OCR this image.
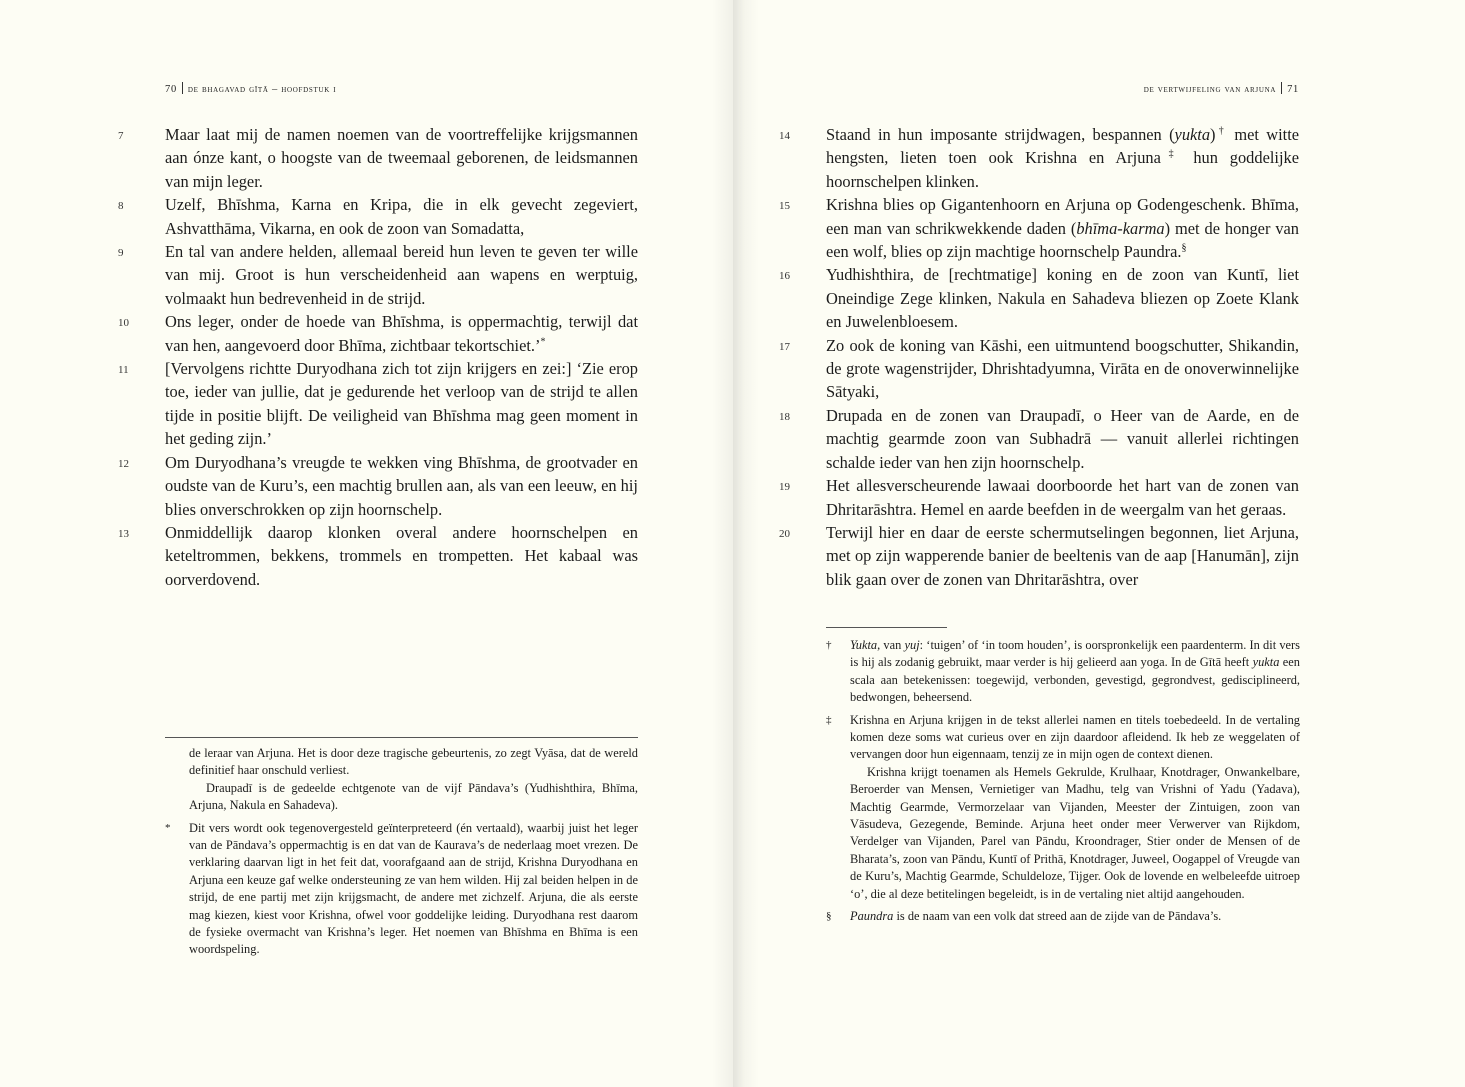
70 de bhagavad gītā – hoofdstuk i

7	Maar laat mij de namen noemen van de voortreffelijke krijgsmannen aan ónze kant, o hoogste van de tweemaal geborenen, de leidsmannen van mijn leger.

8	Uzelf, Bhīshma, Karna en Kripa, die in elk gevecht zegeviert, Ashvatthāma, Vikarna, en ook de zoon van Somadatta,

9	En tal van andere helden, allemaal bereid hun leven te geven ter wille van mij. Groot is hun verscheidenheid aan wapens en werptuig, volmaakt hun bedrevenheid in de strijd.

10 Ons leger, onder de hoede van Bhīshma, is oppermachtig, terwijl dat van hen, aangevoerd door Bhīma, zichtbaar tekortschiet.’*

11 [Vervolgens richtte Duryodhana zich tot zijn krijgers en zei:] ‘Zie erop toe, ieder van jullie, dat je gedurende het verloop van de strijd te allen tijde in positie blijft. De veiligheid van Bhīshma mag geen moment in het geding zijn.’

12 Om Duryodhana’s vreugde te wekken ving Bhīshma, de grootvader en oudste van de Kuru’s, een machtig brullen aan, als van een leeuw, en hij blies onverschrokken op zijn hoornschelp.

13 Onmiddellijk daarop klonken overal andere hoornschelpen en keteltrommen, bekkens, trommels en trompetten. Het kabaal was oorverdovend.

de leraar van Arjuna. Het is door deze tragische gebeurtenis, zo zegt Vyāsa, dat de wereld definitief haar onschuld verliest.
Draupadī is de gedeelde echtgenote van de vijf Pāndava’s (Yudhishthira, Bhīma, Arjuna, Nakula en Sahadeva).
* Dit vers wordt ook tegenovergesteld geïnterpreteerd (én vertaald), waarbij juist het leger van de Pāndava’s oppermachtig is en dat van de Kaurava’s de nederlaag moet vrezen. De verklaring daarvan ligt in het feit dat, voorafgaand aan de strijd, Krishna Duryodhana en Arjuna een keuze gaf welke ondersteuning ze van hem wilden. Hij zal beiden helpen in de strijd, de ene partij met zijn krijgsmacht, de andere met zichzelf. Arjuna, die als eerste mag kiezen, kiest voor Krishna, ofwel voor goddelijke leiding. Duryodhana rest daarom de fysieke overmacht van Krishna’s leger. Het noemen van Bhīshma en Bhīma is een woordspeling.
de vertwijfeling van arjuna 71

14 Staand in hun imposante strijdwagen, bespannen (yukta)† met witte hengsten, lieten toen ook Krishna en Arjuna‡ hun goddelijke hoornschelpen klinken.

15 Krishna blies op Gigantenhoorn en Arjuna op Godengeschenk. Bhīma, een man van schrikwekkende daden (bhīma-karma) met de honger van een wolf, blies op zijn machtige hoornschelp Paundra.§

16 Yudhishthira, de [rechtmatige] koning en de zoon van Kuntī, liet Oneindige Zege klinken, Nakula en Sahadeva bliezen op Zoete Klank en Juwelenbloesem.

17 Zo ook de koning van Kāshi, een uitmuntend boogschutter, Shikandin, de grote wagenstrijder, Dhrishtadyumna, Virāta en de onoverwinnelijke Sātyaki,

18 Drupada en de zonen van Draupadī, o Heer van de Aarde, en de machtig gearmde zoon van Subhadrā — vanuit allerlei richtingen schalde ieder van hen zijn hoornschelp.

19 Het allesverscheurende lawaai doorboorde het hart van de zonen van Dhritarāshtra. Hemel en aarde beefden in de weergalm van het geraas.

20 Terwijl hier en daar de eerste schermutselingen begonnen, liet Arjuna, met op zijn wapperende banier de beeltenis van de aap [Hanumān], zijn blik gaan over de zonen van Dhritarāshtra, over

† Yukta, van yuj: ‘tuigen’ of ‘in toom houden’, is oorspronkelijk een paardenterm. In dit vers is hij als zodanig gebruikt, maar verder is hij gelieerd aan yoga. In de Gītā heeft yukta een scala aan betekenissen: toegewijd, verbonden, gevestigd, gegrondvest, gedisciplineerd, bedwongen, beheersend.
‡ Krishna en Arjuna krijgen in de tekst allerlei namen en titels toebedeeld. In de vertaling komen deze soms wat curieus over en zijn daardoor afleidend. Ik heb ze weggelaten of vervangen door hun eigennaam, tenzij ze in mijn ogen de context dienen.
Krishna krijgt toenamen als Hemels Gekrulde, Krulhaar, Knotdrager, Onwankelbare, Beroerder van Mensen, Vernietiger van Madhu, telg van Vrishni of Yadu (Yadava), Machtig Gearmde, Vermorzelaar van Vijanden, Meester der Zintuigen, zoon van Vāsudeva, Gezegende, Beminde. Arjuna heet onder meer Verwerver van Rijkdom, Verdelger van Vijanden, Parel van Pāndu, Kroondrager, Stier onder de Mensen of de Bharata’s, zoon van Pāndu, Kuntī of Prithā, Knotdrager, Juweel, Oogappel of Vreugde van de Kuru’s, Machtig Gearmde, Schuldeloze, Tijger. Ook de lovende en welbeleefde uitroep ‘o’, die al deze betitelingen begeleidt, is in de vertaling niet altijd aangehouden.
§ Paundra is de naam van een volk dat streed aan de zijde van de Pāndava’s.
